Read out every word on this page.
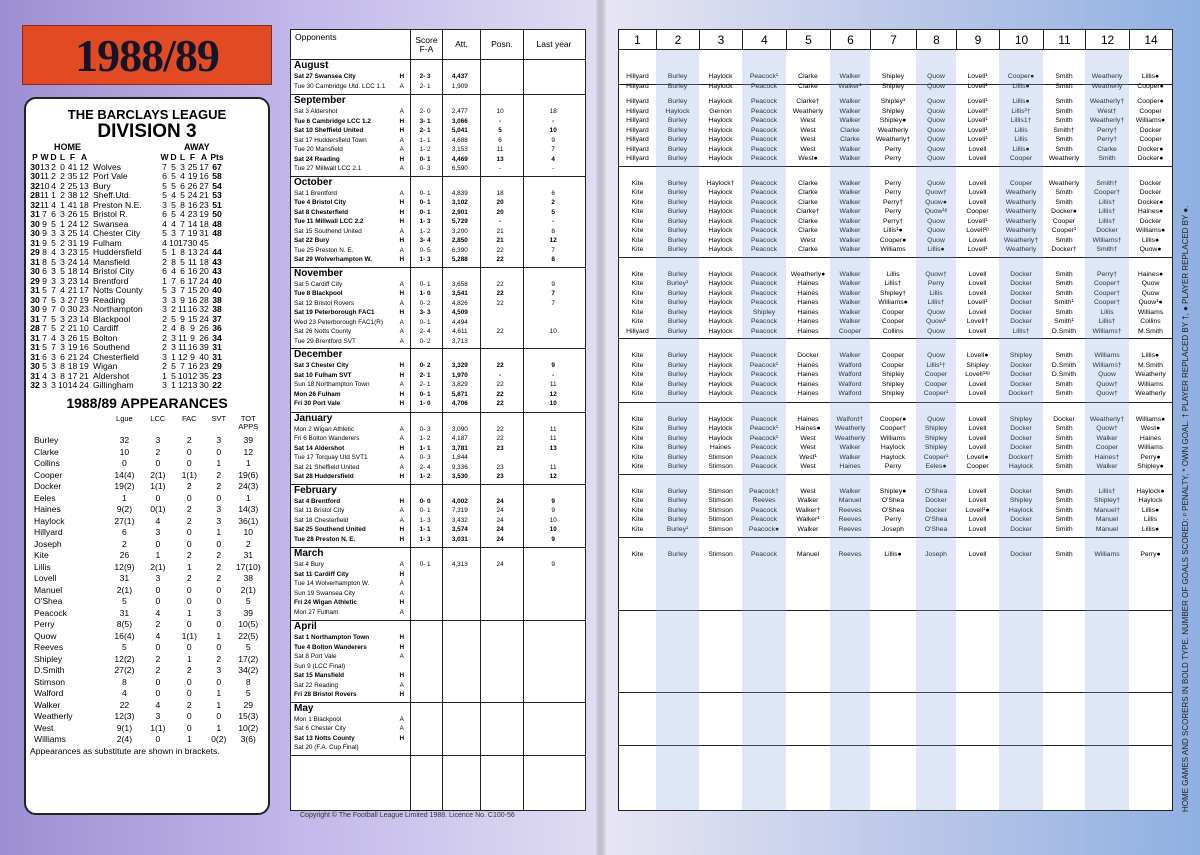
1988/89
THE BARCLAYS LEAGUE
DIVISION 3
HOME	AWAY
P W D L F A	W D L F A Pts
30 13 2 0 41 12 Wolves	7 5 3 25 17 67
30 11 2 2 35 12 Port Vale	6 5 4 19 16 58
32 10 4 2 25 13 Bury	5 5 6 26 27 54
28 11 1 2 38 12 Sheff.Utd.	5 4 5 24 21 53
32 11 4 1 41 18 Preston N.E.	3 5 8 16 23 51
31 7 6 3 26 15 Bristol R.	6 5 4 23 19 50
30 9 5 1 24 12 Swansea	4 4 7 14 18 48
30 9 3 3 25 14 Chester City	5 3 7 19 31 48
31 9 5 2 31 19 Fulham	4 10 17 30 45
29 8 4 3 23 15 Huddersfield	5 1 8 13 24 44
31 8 5 3 24 14 Mansfield	2 8 5 11 18 43
30 6 3 5 18 14 Bristol City	6 4 6 16 20 43
29 9 3 3 23 14 Brentford	1 7 6 17 24 40
31 5 7 4 21 17 Notts County	5 3 7 15 20 40
30 7 5 3 27 19 Reading	3 3 9 16 28 38
30 9 7 0 30 23 Northampton	3 2 11 16 32 38
31 7 5 3 23 14 Blackpool	2 5 9 15 24 37
28 7 5 2 21 10 Cardiff	2 4 8 9 26 36
31 7 4 3 26 15 Bolton	2 3 11 9 26 34
31 5 7 3 19 16 Southend	2 3 11 16 39 31
31 6 3 6 21 24 Chesterfield	3 1 12 9 40 31
30 5 3 8 18 19 Wigan	2 5 7 16 23 29
31 4 3 8 17 21 Aldershot	1 5 10 12 35 23
32 3 3 10 14 24 Gillingham	3 1 12 13 30 22
1988/89 APPEARANCES
Lgue	LCC	FAC	SVT	TOT APPS
Burley	32	3	2	3	39
Clarke	10	2	0	0	12
Collins	0	0	0	1	1
Cooper	14(4)	2(1)	1(1)	2	19(6)
Docker	19(2)	1(1)	2	2	24(3)
Eeles	1	0	0	0	1
Haines	9(2)	0(1)	2	3	14(3)
Haylock	27(1)	4	2	3	36(1)
Hillyard	6	3	0	1	10
Joseph	2	0	0	0	2
Kite	26	1	2	2	31
Lillis	12(9)	2(1)	1	2	17(10)
Lovell	31	3	2	2	38
Manuel	2(1)	0	0	0	2(1)
O'Shea	5	0	0	0	5
Peacock	31	4	1	3	39
Perry	8(5)	2	0	0	10(5)
Quow	16(4)	4	1(1)	1	22(5)
Reeves	5	0	0	0	5
Shipley	12(2)	2	1	2	17(2)
D.Smith	27(2)	2	2	3	34(2)
Stimson	8	0	0	0	8
Walford	4	0	0	1	5
Walker	22	4	2	1	29
Weatherly	12(3)	3	0	0	15(3)
West	9(1)	1(1)	0	1	10(2)
Williams	2(4)	0	1	0(2)	3(6)
Appearances as substitute are shown in brackets.
Opponents	Score F-A	Att.	Posn.	Last year
August
Sat 27 Swansea City	H	2- 3	4,437
Tue 30 Cambridge Utd. LCC 1.1	A	2- 1	1,909
September
Sat 3 Aldershot	A	2- 0	2,477	10	18
Tue 6 Cambridge LCC 1.2	H	3- 1	3,066	-	-
Sat 10 Sheffield United	H	2- 1	5,041	5	10
Sat 17 Huddersfield Town	A	1- 1	4,688	6	9
Tue 20 Mansfield	A	1- 2	3,153	11	7
Sat 24 Reading	H	0- 1	4,469	13	4
Tue 27 Millwall LCC 2.1	A	0- 3	6,590	-	-
October
Sat 1 Brentford	A	0- 1	4,839	18	6
Tue 4 Bristol City	H	0- 1	3,102	20	2
Sat 8 Chesterfield	H	0- 1	2,901	20	5
Tue 11 Millwall LCC 2.2	H	1- 3	5,729	-	-
Sat 15 Southend United	A	1- 2	3,200	21	8
Sat 22 Bury	H	3- 4	2,850	21	12
Tue 25 Preston N. E.	A	0- 5	6,390	22	7
Sat 29 Wolverhampton W.	H	1- 3	5,288	22	8
November
Sat 5 Cardiff City	A	0- 1	3,658	22	9
Tue 8 Blackpool	H	1- 0	3,541	22	7
Sat 12 Bristol Rovers	A	0- 2	4,826	22	7
Sat 19 Peterborough FAC1	H	3- 3	4,509
Wed 23 Peterborough FAC1(R)	A	0- 1	4,494
Sat 26 Notts County	A	2- 4	4,611	22	10
Tue 29 Brentford SVT	A	0- 2	3,713
December
Sat 3 Chester City	H	0- 2	3,329	22	9
Sat 10 Fulham SVT	H	2- 1	1,970	-	-
Sun 18 Northampton Town	A	2- 1	3,829	22	11
Mon 26 Fulham	H	0- 1	5,871	22	12
Fri 30 Port Vale	H	1- 0	4,706	22	10
January
Mon 2 Wigan Athletic	A	0- 3	3,090	22	11
Fri 6 Bolton Wanderers	A	1- 2	4,187	22	11
Sat 14 Aldershot	H	1- 1	3,781	23	13
Tue 17 Torquay Utd SVT1	A	0- 3	1,844
Sat 21 Sheffield United	A	2- 4	9,336	23	11
Sat 28 Huddersfield	H	1- 2	3,530	23	12
February
Sat 4 Brentford	H	0- 0	4,002	24	9
Sat 11 Bristol City	A	0- 1	7,319	24	9
Sat 18 Chesterfield	A	1- 3	3,432	24	10
Sat 25 Southend United	H	1- 1	3,574	24	10
Tue 28 Preston N. E.	H	1- 3	3,031	24	9
March
Sat 4 Bury	A	0- 1	4,313	24	9
Sat 11 Cardiff City	H
Tue 14 Wolverhampton W.	A
Sun 19 Swansea City	A
Fri 24 Wigan Athletic	H
Mon 27 Fulham	A
April
Sat 1 Northampton Town	H
Tue 4 Bolton Wanderers	H
Sat 8 Port Vale	A
Sun 9 (LCC Final)
Sat 15 Mansfield	H
Sat 22 Reading	A
Fri 28 Bristol Rovers	H
May
Mon 1 Blackpool	A
Sat 6 Chester City	A
Sat 13 Notts County	H
Sat 20 (F.A. Cup Final)
Copyright © The Football League Limited 1988. Licence No. C100-56
1	2	3	4	5	6	7	8	9	10	11	12	14
Hillyard	Burley	Haylock	Peacock¹	Clarke	Walker	Shipley	Quow	Lovell¹	Cooper●	Smith	Weatherly	Lillis●
Hillyard	Burley	Haylock	Peacock	Clarke	Walker¹	Shipley	Quow	Lovell¹	Lillis●	Smith	Weatherly	Cooper●
Hillyard	Burley	Haylock	Peacock	Clarke†	Walker	Shipley¹	Quow	Lovell¹	Lillis●	Smith	Weatherly†	Cooper●
Hillyard	Haylock	Gernon	Peacock	Weatherly	Walker	Shipley	Quow	Lovell³	Lillis²†	Smith	West†	Cooper
Hillyard	Burley	Haylock	Peacock	West	Walker	Shipley●	Quow	Lovell¹	Lillis1†	Smith	Weatherly†	Williams●
Hillyard	Burley	Haylock	Peacock	West	Clarke	Weatherly	Quow	Lovell¹	Lillis	Smith†	Perry†	Docker
Hillyard	Burley	Haylock	Peacock	West	Clarke	Weatherly†	Quow	Lovell¹	Lillis	Smith	Perry†	Cooper
Hillyard	Burley	Haylock	Peacock	West	Walker	Perry	Quow	Lovell	Lillis●	Smith	Clarke	Docker●
Hillyard	Burley	Haylock	Peacock	West●	Walker	Perry	Quow	Lovell	Cooper	Weatherly	Smith	Docker●
Kite	Burley	Haylock†	Peacock	Clarke	Walker	Perry	Quow	Lovell	Cooper	Weatherly	Smith†	Docker
Kite	Burley	Haylock	Peacock	Clarke	Walker	Perry	Quow†	Lovell	Weatherly	Smith	Cooper†	Docker
Kite	Burley	Haylock	Peacock	Clarke	Walker	Perry†	Quow●	Lovell	Weatherly	Smith	Lillis†	Docker●
Kite	Burley	Haylock	Peacock	Clarke†	Walker	Perry	Quow¹ᵖ	Cooper	Weatherly	Docker●	Lillis†	Haines●
Kite	Burley	Haylock	Peacock	Clarke	Walker	Perry†	Quow	Lovell¹	Weatherly	Cooper	Lillis†	Docker
Kite	Burley	Haylock	Peacock	Clarke	Walker	Lillis¹●	Quow	Lovell¹ᵖ	Weatherly	Cooper¹	Docker	Williams●
Kite	Burley	Haylock	Peacock	West	Walker	Cooper●	Quow	Lovell	Weatherly†	Smith	Williams†	Lillis●
Kite	Burley	Haylock	Peacock	Clarke	Walker	Williams	Lillis●	Lovell¹	Weatherly	Docker†	Smith†	Quow●
Kite	Burley	Haylock	Peacock	Weatherly●	Walker	Lillis	Quow†	Lovell	Docker	Smith	Perry†	Haines●
Kite	Burley¹	Haylock	Peacock	Haines	Walker	Lillis†	Perry	Lovell	Docker	Smith	Cooper†	Quow
Kite	Burley	Haylock	Peacock	Haines	Walker	Shipley†	Lillis	Lovell	Docker	Smith	Cooper†	Quow
Kite	Burley	Haylock	Peacock	Haines	Walker	Williams●	Lillis†	Lovell¹	Docker	Smith¹	Cooper†	Quow¹●
Kite	Burley	Haylock	Shipley	Haines	Walker	Cooper	Quow	Lovell	Docker	Smith	Lillis	Williams
Kite	Burley	Haylock	Peacock	Haines	Walker	Cooper	Quow¹	Lovell†	Docker	Smith¹	Lillis†	Collins
Hillyard	Burley	Haylock	Peacock	Haines	Cooper	Collins	Quow	Lovell	Lillis†	D.Smith	Williams†	M.Smith
Kite	Burley	Haylock	Peacock	Docker	Walker	Cooper	Quow	Lovell●	Shipley	Smith	Williams	Lillis●
Kite	Burley	Haylock	Peacock¹	Haines	Walford	Cooper	Lillis¹†	Shipley	Docker	D.Smith	Williams†	M.Smith
Kite	Burley	Haylock	Peacock	Haines	Walford	Shipley	Cooper	Lovell¹¹ᵖ	Docker	D.Smith	Quow	Weatherly
Kite	Burley	Haylock	Peacock	Haines	Walford	Shipley	Cooper	Lovell	Docker	Smith	Quow†	Williams
Kite	Burley	Haylock	Peacock	Haines	Walford	Shipley	Cooper¹	Lovell	Docker†	Smith	Quow†	Weatherly
Kite	Burley	Haylock	Peacock	Haines	Walford†	Cooper●	Quow	Lovell	Shipley	Docker	Weatherly†	Williams●
Kite	Burley	Haylock	Peacock¹	Haines●	Weatherly	Cooper†	Shipley	Lovell	Docker	Smith	Quow†	West●
Kite	Burley	Haylock	Peacock¹	West	Weatherly	Williams	Shipley	Lovell	Docker	Smith	Walker	Haines
Kite	Burley	Haines	Peacock	West	Walker	Haylock	Shipley	Lovell	Docker	Smith	Cooper	Williams
Kite	Burley	Stimson	Peacock	West¹	Walker	Haylock	Cooper¹	Lovell●	Docker†	Smith	Haines†	Perry●
Kite	Burley	Stimson	Peacock	West	Haines	Perry	Eeles●	Cooper	Haylock	Smith	Walker	Shipley●
Kite	Burley	Stimson	Peacock†	West	Walker	Shipley●	O'Shea	Lovell	Docker	Smith	Lillis†	Haylock●
Kite	Burley	Stimson	Reeves	Walker	Manuel	O'Shea	Docker	Lovell	Shipley	Smith	Shipley†	Haylock
Kite	Burley	Stimson	Peacock	Walker†	Reeves	O'Shea	Docker	Lovell¹●	Haylock	Smith	Manuel†	Lillis●
Kite	Burley	Stimson	Peacock	Walker¹	Reeves	Perry	O'Shea	Lovell	Docker	Smith	Manuel	Lillis
Kite	Burley¹	Stimson	Peacock●	Walker	Reeves	Joseph	O'Shea	Lovell	Docker	Smith	Manuel	Lillis●
Kite	Burley	Stimson	Peacock	Manuel	Reeves	Lillis●	Joseph	Lovell	Docker	Smith	Williams	Perry●	HOME GAMES AND SCORERS IN BOLD TYPE. NUMBER OF GOALS SCORED: ᵖ PENALTY, * OWN GOAL. † PLAYER REPLACED BY †, ● PLAYER REPLACED BY ●.
